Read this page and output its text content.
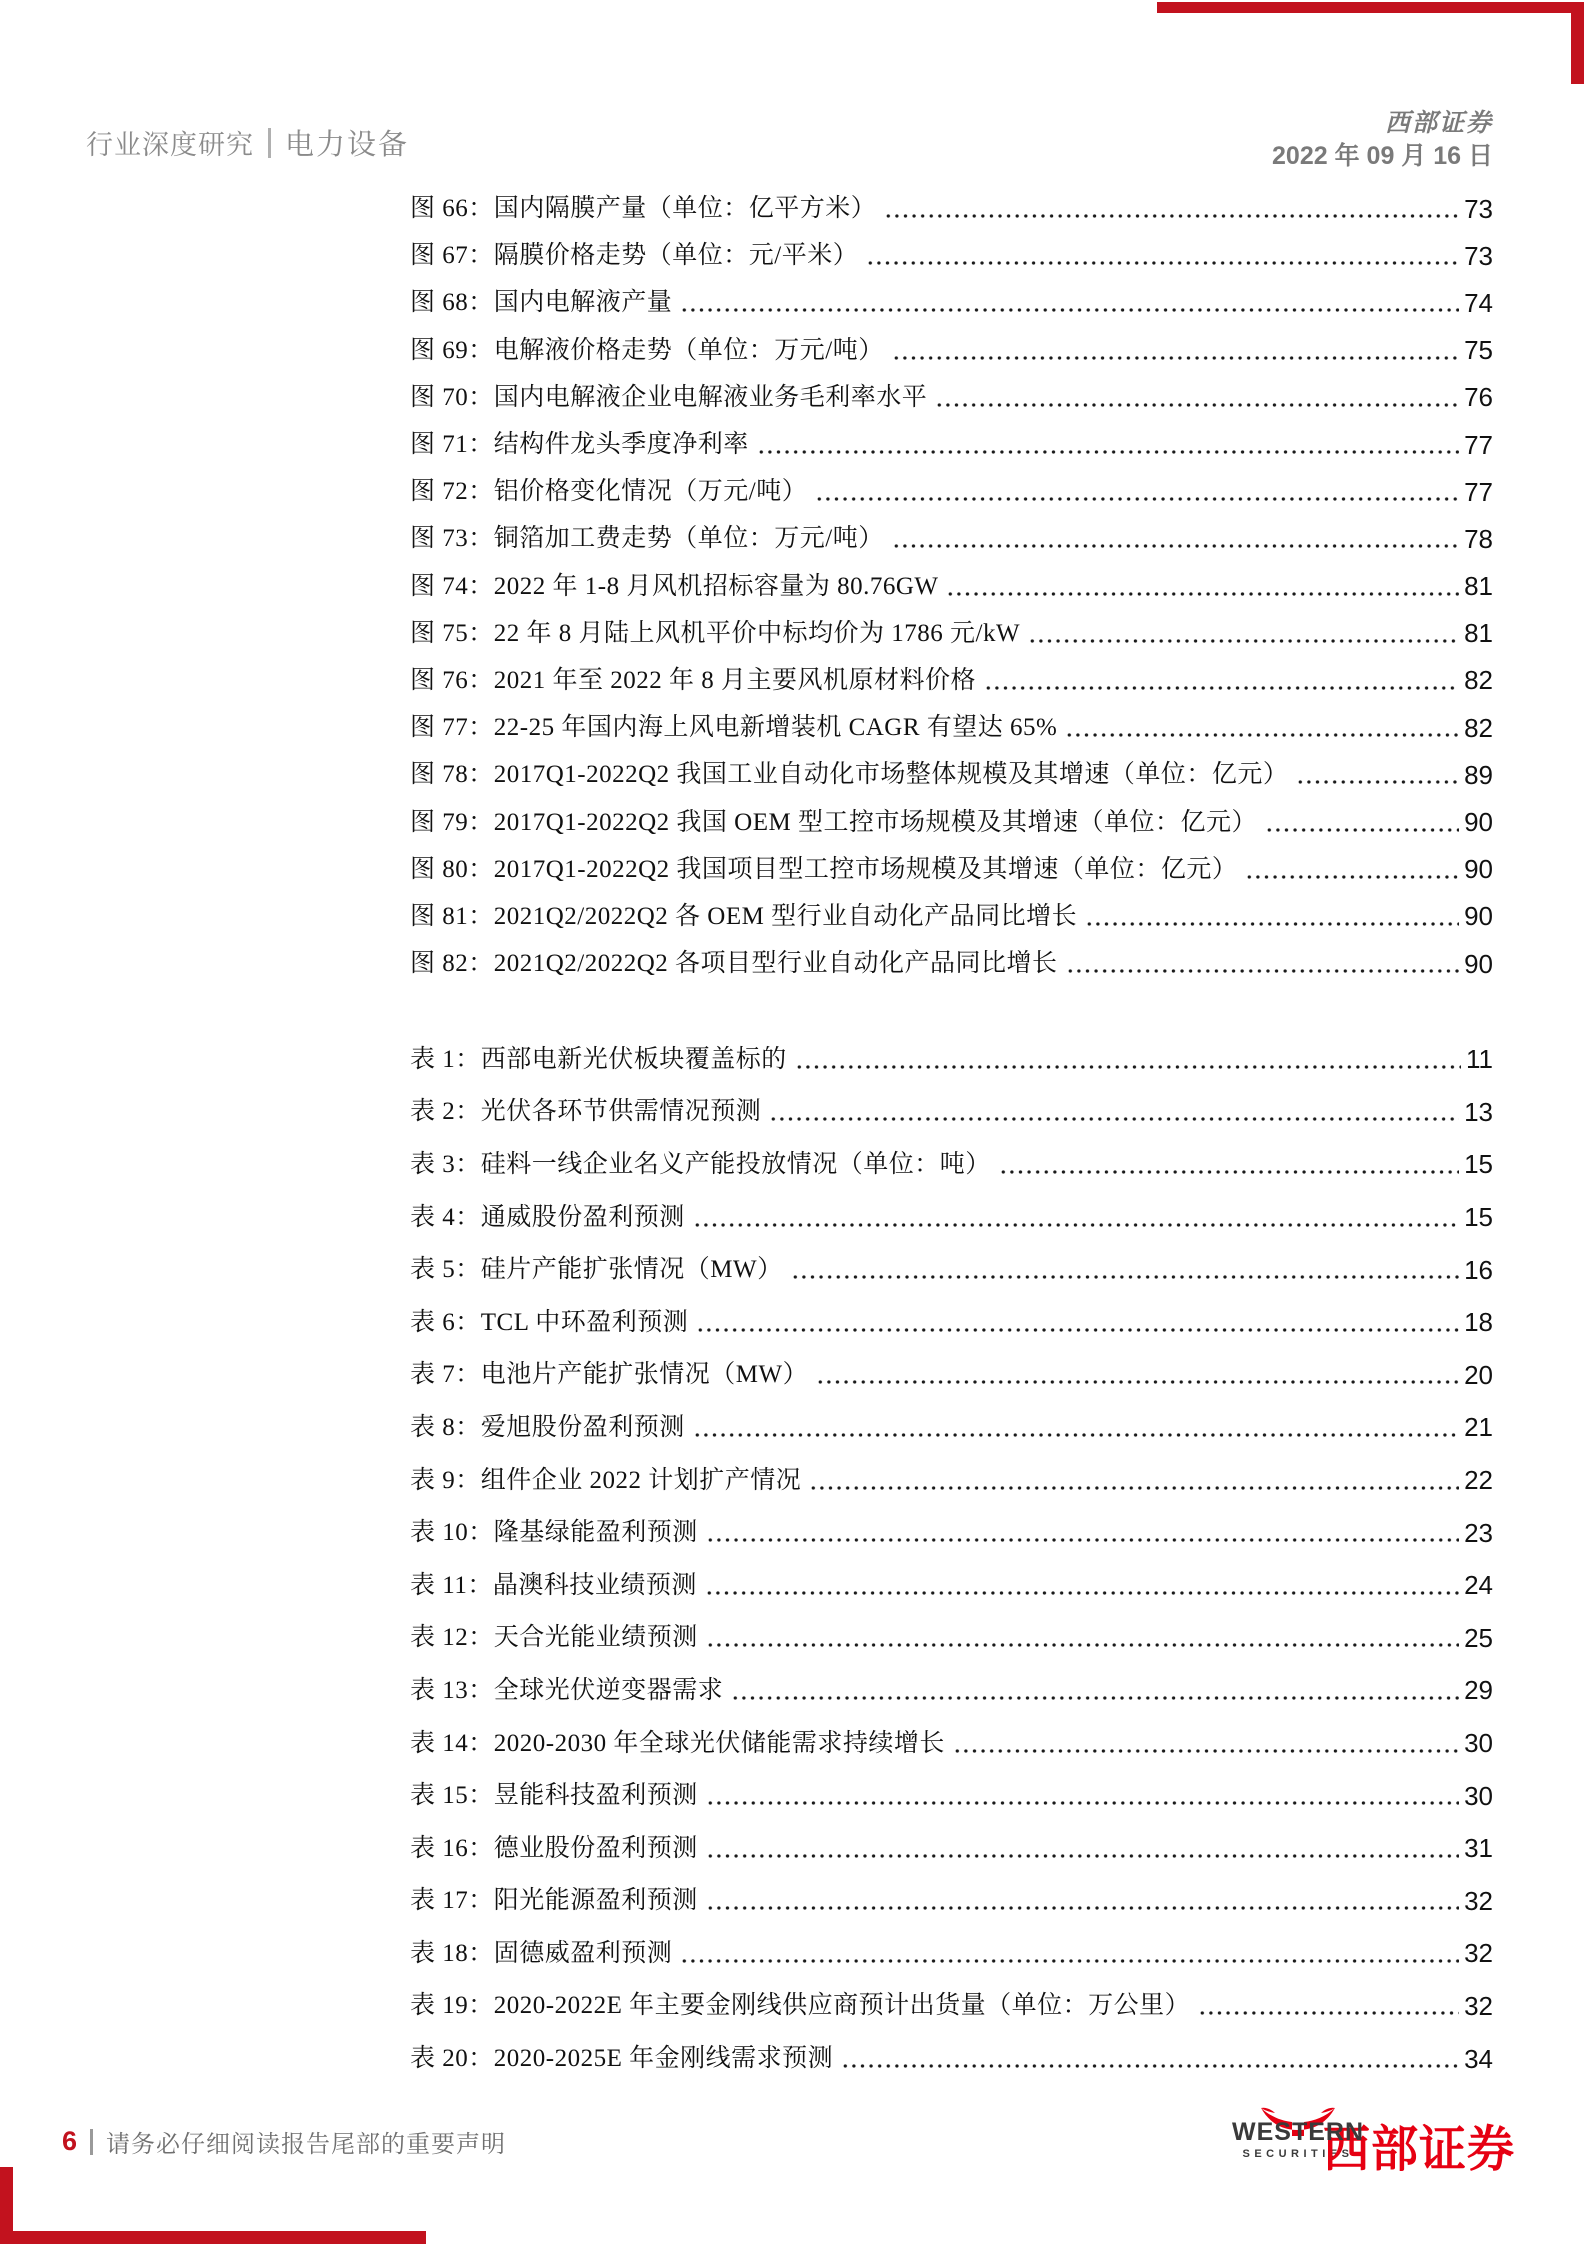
行业深度研究 电力设备
西部证券
2022 年 09 月 16 日
图 66：国内隔膜产量（单位：亿平方米）	73
图 67：隔膜价格走势（单位：元/平米）	73
图 68：国内电解液产量	74
图 69：电解液价格走势（单位：万元/吨）	75
图 70：国内电解液企业电解液业务毛利率水平	76
图 71：结构件龙头季度净利率	77
图 72：铝价格变化情况（万元/吨）	77
图 73：铜箔加工费走势（单位：万元/吨）	78
图 74：2022 年 1-8 月风机招标容量为 80.76GW	81
图 75：22 年 8 月陆上风机平价中标均价为 1786 元/kW	81
图 76：2021 年至 2022 年 8 月主要风机原材料价格	82
图 77：22-25 年国内海上风电新增装机 CAGR 有望达 65%	82
图 78：2017Q1-2022Q2 我国工业自动化市场整体规模及其增速（单位：亿元）	89
图 79：2017Q1-2022Q2 我国 OEM 型工控市场规模及其增速（单位：亿元）	90
图 80：2017Q1-2022Q2 我国项目型工控市场规模及其增速（单位：亿元）	90
图 81：2021Q2/2022Q2 各 OEM 型行业自动化产品同比增长	90
图 82：2021Q2/2022Q2 各项目型行业自动化产品同比增长	90
表 1：西部电新光伏板块覆盖标的	11
表 2：光伏各环节供需情况预测	13
表 3：硅料一线企业名义产能投放情况（单位：吨）	15
表 4：通威股份盈利预测	15
表 5：硅片产能扩张情况（MW）	16
表 6：TCL 中环盈利预测	18
表 7：电池片产能扩张情况（MW）	20
表 8：爱旭股份盈利预测	21
表 9：组件企业 2022 计划扩产情况	22
表 10：隆基绿能盈利预测	23
表 11：晶澳科技业绩预测	24
表 12：天合光能业绩预测	25
表 13：全球光伏逆变器需求	29
表 14：2020-2030 年全球光伏储能需求持续增长	30
表 15：昱能科技盈利预测	30
表 16：德业股份盈利预测	31
表 17：阳光能源盈利预测	32
表 18：固德威盈利预测	32
表 19：2020-2022E 年主要金刚线供应商预计出货量（单位：万公里）	32
表 20：2020-2025E 年金刚线需求预测	34
6 请务必仔细阅读报告尾部的重要声明	WESTERN
SECURITIES
西部证券
